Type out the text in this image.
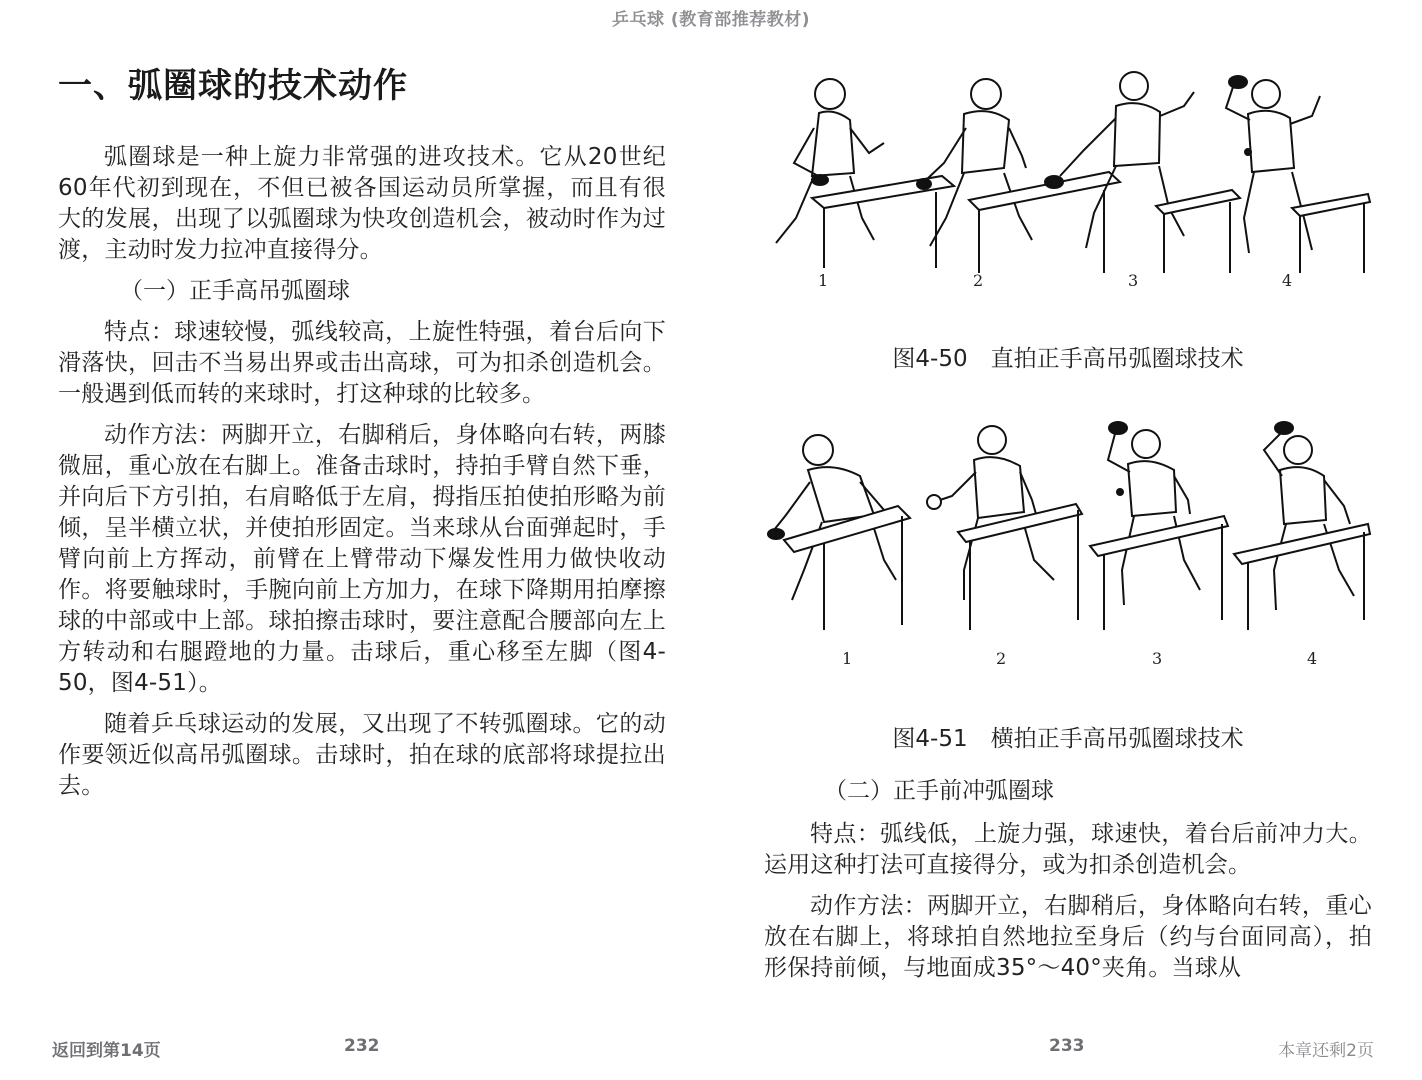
乒乓球 (教育部推荐教材)
一、弧圈球的技术动作

弧圈球是一种上旋力非常强的进攻技术。它从20世纪60年代初到现在，不但已被各国运动员所掌握，而且有很大的发展，出现了以弧圈球为快攻创造机会，被动时作为过渡，主动时发力拉冲直接得分。

（一）正手高吊弧圈球

特点：球速较慢，弧线较高，上旋性特强，着台后向下滑落快，回击不当易出界或击出高球，可为扣杀创造机会。一般遇到低而转的来球时，打这种球的比较多。

动作方法：两脚开立，右脚稍后，身体略向右转，两膝微屈，重心放在右脚上。准备击球时，持拍手臂自然下垂，并向后下方引拍，右肩略低于左肩，拇指压拍使拍形略为前倾，呈半横立状，并使拍形固定。当来球从台面弹起时，手臂向前上方挥动，前臂在上臂带动下爆发性用力做快收动作。将要触球时，手腕向前上方加力，在球下降期用拍摩擦球的中部或中上部。球拍擦击球时，要注意配合腰部向左上方转动和右腿蹬地的力量。击球后，重心移至左脚（图4-50，图4-51）。

随着乒乓球运动的发展，又出现了不转弧圈球。它的动作要领近似高吊弧圈球。击球时，拍在球的底部将球提拉出去。

1	2	3	4
图4-50　直拍正手高吊弧圈球技术
1	2	3	4
图4-51　横拍正手高吊弧圈球技术

（二）正手前冲弧圈球

特点：弧线低，上旋力强，球速快，着台后前冲力大。运用这种打法可直接得分，或为扣杀创造机会。

动作方法：两脚开立，右脚稍后，身体略向右转，重心放在右脚上，将球拍自然地拉至身后（约与台面同高），拍形保持前倾，与地面成35°～40°夹角。当球从

返回到第14页	232	233	本章还剩2页
